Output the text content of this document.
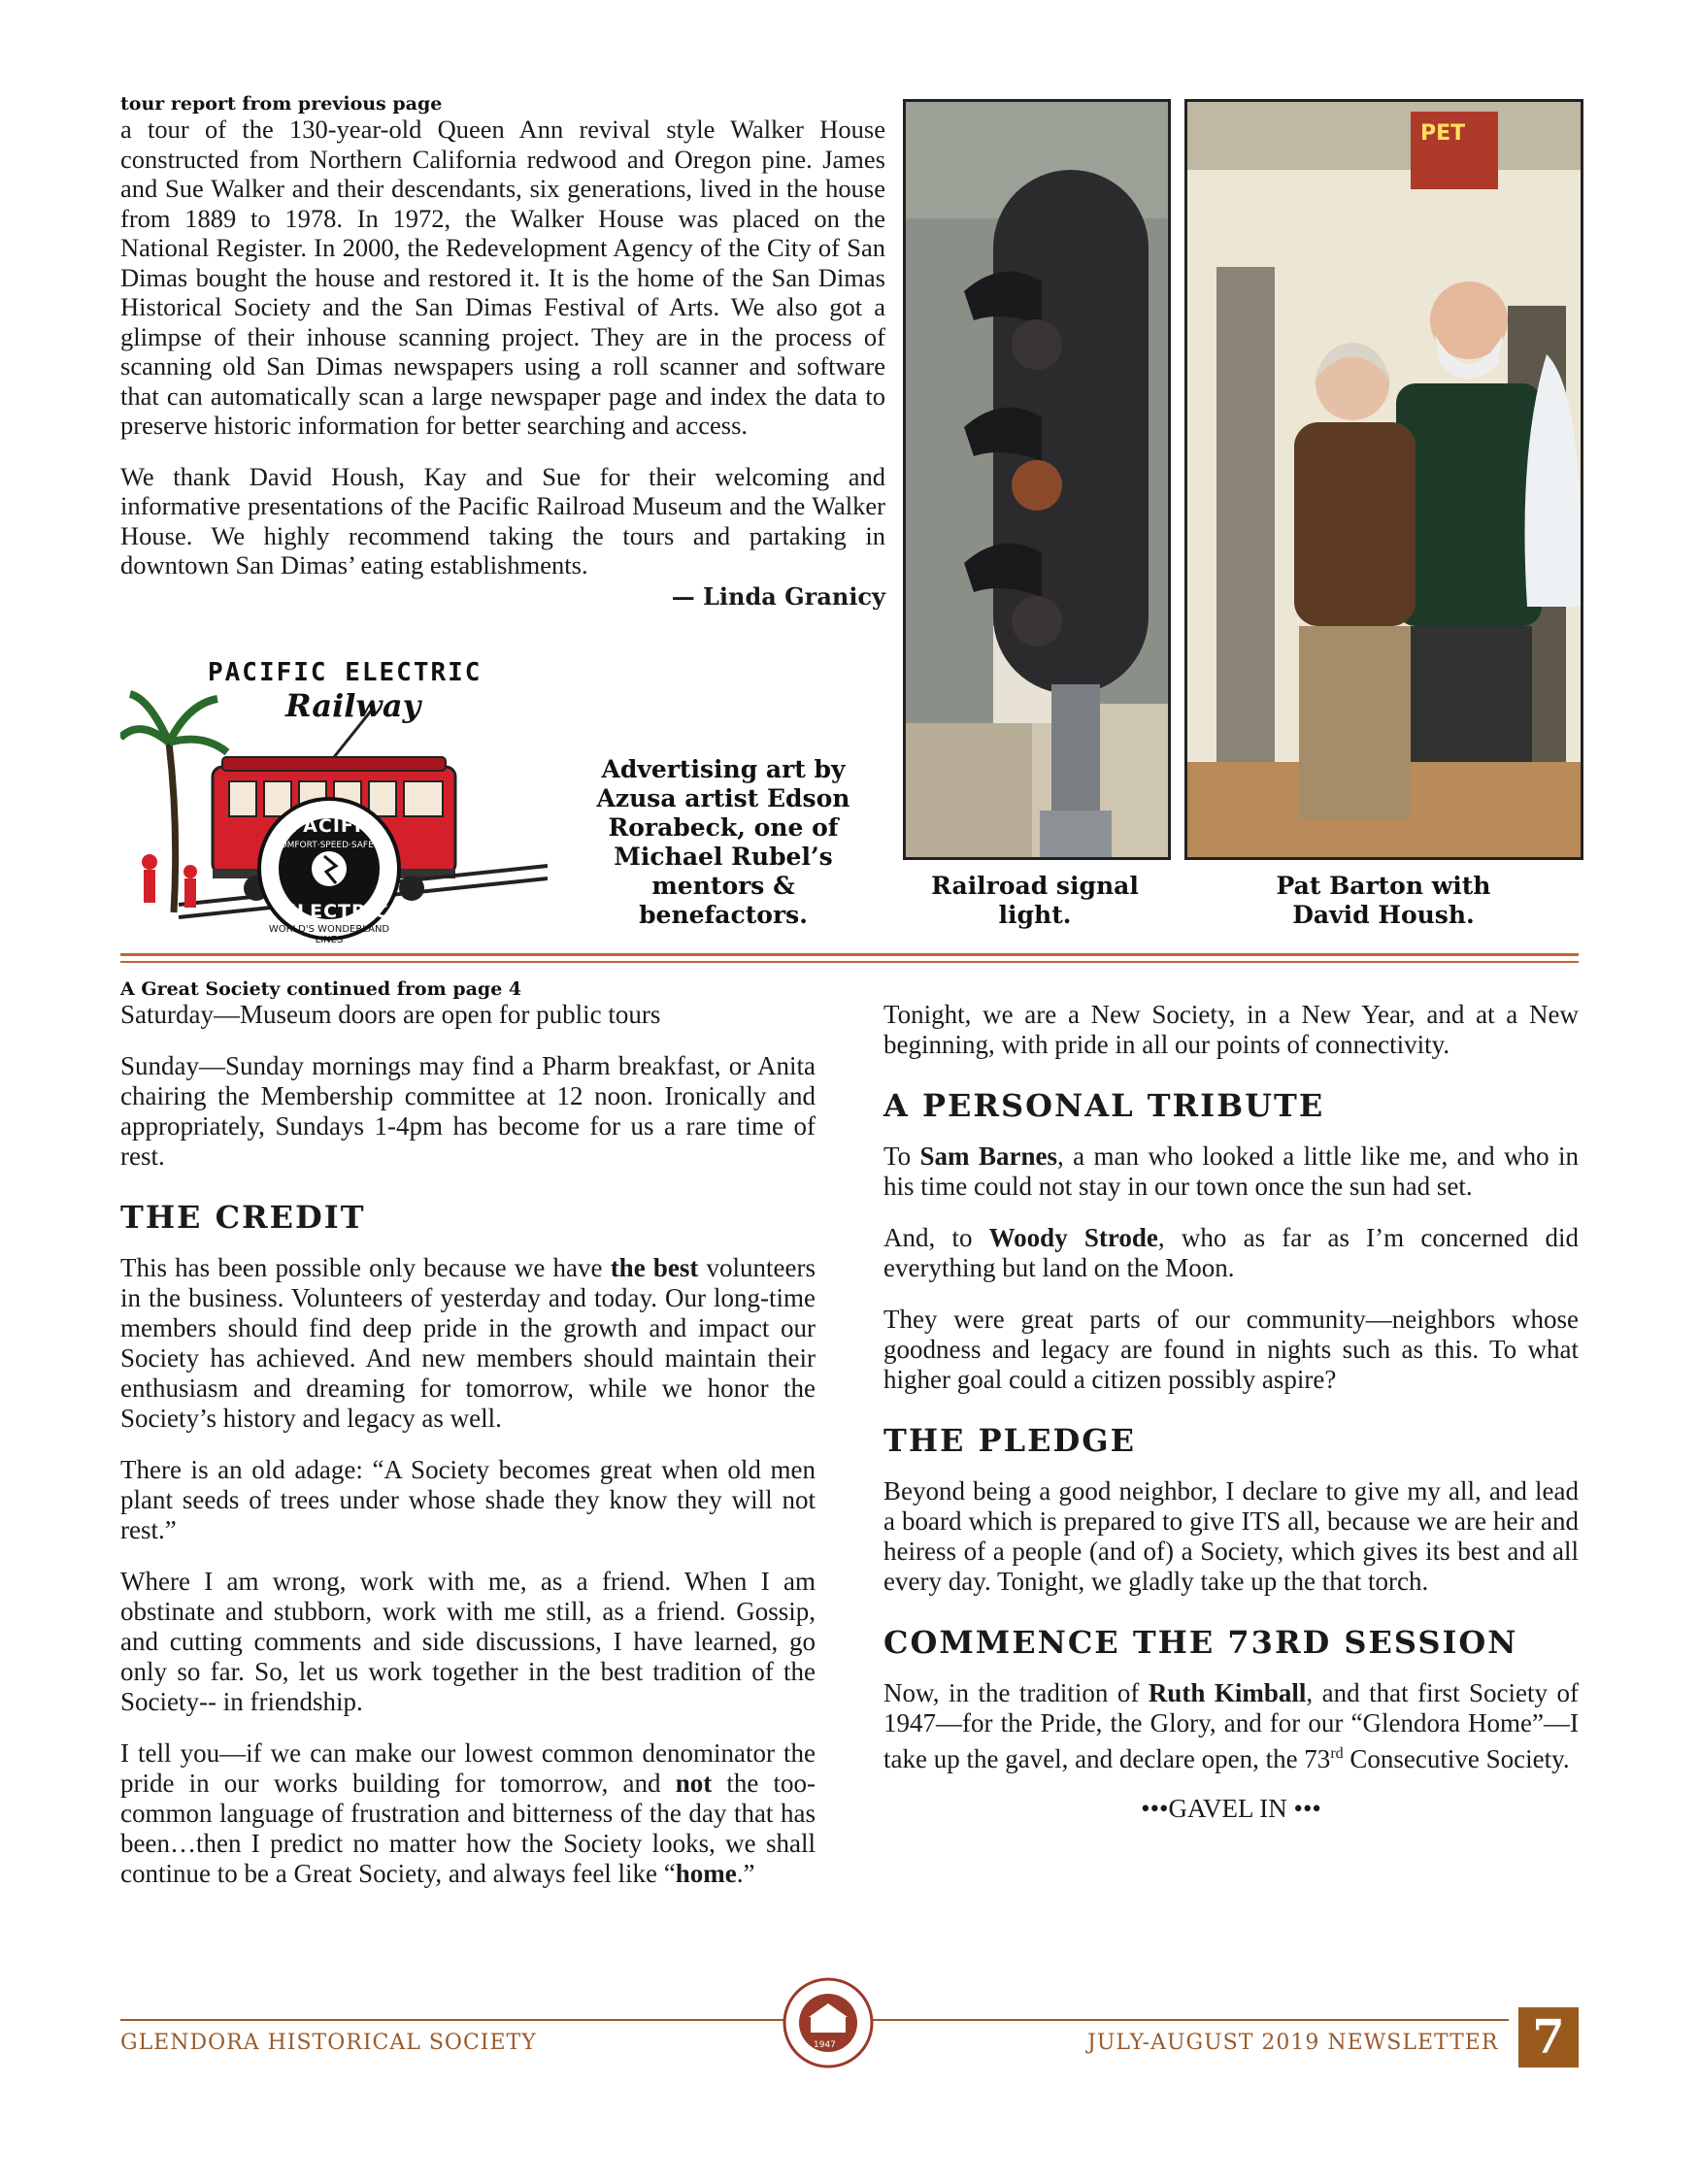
tour report from previous page

a tour of the 130-year-old Queen Ann revival style Walker House constructed from Northern California redwood and Oregon pine. James and Sue Walker and their descendants, six generations, lived in the house from 1889 to 1978. In 1972, the Walker House was placed on the National Register. In 2000, the Redevelopment Agency of the City of San Dimas bought the house and restored it. It is the home of the San Dimas Historical Society and the San Dimas Festival of Arts. We also got a glimpse of their inhouse scanning project. They are in the process of scanning old San Dimas newspapers using a roll scanner and software that can automatically scan a large newspaper page and index the data to preserve historic information for better searching and access.

We thank David Housh, Kay and Sue for their welcoming and informative presentations of the Pacific Railroad Museum and the Walker House. We highly recommend taking the tours and partaking in downtown San Dimas’ eating establishments.

— Linda Granicy
PACIFIC ELECTRIC
Railway
PACIFIC
ELECTRIC
COMFORT·SPEED·SAFETY
WORLD'S WONDERLAND LINES
Advertising art by Azusa artist Edson Rorabeck, one of Michael Rubel’s mentors & benefactors.
Railroad signal light.
PET
Pat Barton with David Housh.
A Great Society continued from page 4

Saturday—Museum doors are open for public tours

Sunday—Sunday mornings may find a Pharm breakfast, or Anita chairing the Membership committee at 12 noon. Ironically and appropriately, Sundays 1-4pm has become for us a rare time of rest.

THE CREDIT

This has been possible only because we have the best volunteers in the business. Volunteers of yesterday and today. Our long-time members should find deep pride in the growth and impact our Society has achieved. And new members should maintain their enthusiasm and dreaming for tomorrow, while we honor the Society’s history and legacy as well.

There is an old adage: “A Society becomes great when old men plant seeds of trees under whose shade they know they will not rest.”

Where I am wrong, work with me, as a friend. When I am obstinate and stubborn, work with me still, as a friend. Gossip, and cutting comments and side discussions, I have learned, go only so far. So, let us work together in the best tradition of the Society-- in friendship.

I tell you—if we can make our lowest common denominator the pride in our works building for tomorrow, and not the too-common language of frustration and bitterness of the day that has been…then I predict no matter how the Society looks, we shall continue to be a Great Society, and always feel like “home.”

Tonight, we are a New Society, in a New Year, and at a New beginning, with pride in all our points of connectivity.

A PERSONAL TRIBUTE

To Sam Barnes, a man who looked a little like me, and who in his time could not stay in our town once the sun had set.

And, to Woody Strode, who as far as I’m concerned did everything but land on the Moon.

They were great parts of our community—neighbors whose goodness and legacy are found in nights such as this. To what higher goal could a citizen possibly aspire?

THE PLEDGE

Beyond being a good neighbor, I declare to give my all, and lead a board which is prepared to give ITS all, because we are heir and heiress of a people (and of) a Society, which gives its best and all every day. Tonight, we gladly take up the that torch.

COMMENCE THE 73RD SESSION

Now, in the tradition of Ruth Kimball, and that first Society of 1947—for the Pride, the Glory, and for our “Glendora Home”—I take up the gavel, and declare open, the 73rd Consecutive Society.

•••GAVEL IN •••
GLENDORA HISTORICAL SOCIETY	JULY-AUGUST 2019 NEWSLETTER
1947	7
